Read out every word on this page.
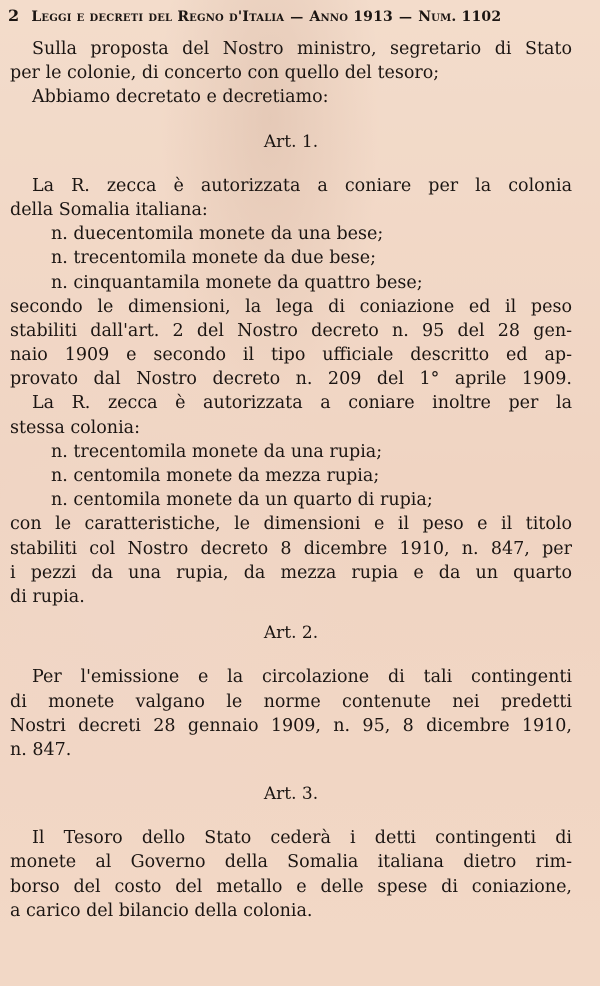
2 Leggi e decreti del Regno d'Italia — Anno 1913 — Num. 1102
Sulla proposta del Nostro ministro, segretario di Stato
per le colonie, di concerto con quello del tesoro;
Abbiamo decretato e decretiamo:
Art. 1.
La R. zecca è autorizzata a coniare per la colonia
della Somalia italiana:
n. duecentomila monete da una bese;
n. trecentomila monete da due bese;
n. cinquantamila monete da quattro bese;
secondo le dimensioni, la lega di coniazione ed il peso
stabiliti dall'art. 2 del Nostro decreto n. 95 del 28 gen-
naio 1909 e secondo il tipo ufficiale descritto ed ap-
provato dal Nostro decreto n. 209 del 1° aprile 1909.
La R. zecca è autorizzata a coniare inoltre per la
stessa colonia:
n. trecentomila monete da una rupia;
n. centomila monete da mezza rupia;
n. centomila monete da un quarto di rupia;
con le caratteristiche, le dimensioni e il peso e il titolo
stabiliti col Nostro decreto 8 dicembre 1910, n. 847, per
i pezzi da una rupia, da mezza rupia e da un quarto
di rupia.
Art. 2.
Per l'emissione e la circolazione di tali contingenti
di monete valgano le norme contenute nei predetti
Nostri decreti 28 gennaio 1909, n. 95, 8 dicembre 1910,
n. 847.
Art. 3.
Il Tesoro dello Stato cederà i detti contingenti di
monete al Governo della Somalia italiana dietro rim-
borso del costo del metallo e delle spese di coniazione,
a carico del bilancio della colonia.
